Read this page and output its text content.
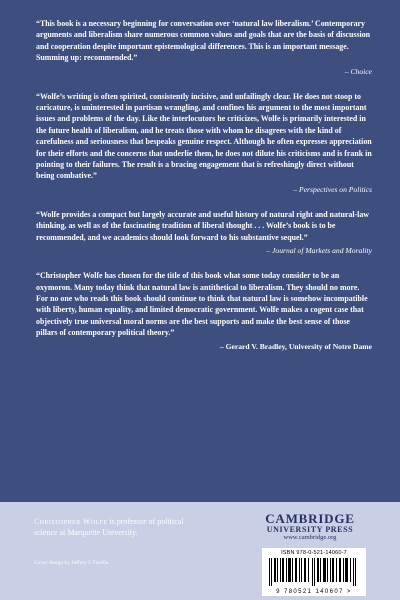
“This book is a necessary beginning for conversation over ‘natural law liberalism.’ Contemporary arguments and liberalism share numerous common values and goals that are the basis of discussion and cooperation despite important epistemological differences. This is an important message. Summing up: recommended.”

– Choice

“Wolfe’s writing is often spirited, consistently incisive, and unfailingly clear. He does not stoop to caricature, is uninterested in partisan wrangling, and confines his argument to the most important issues and problems of the day. Like the interlocutors he criticizes, Wolfe is primarily interested in the future health of liberalism, and he treats those with whom he disagrees with the kind of carefulness and seriousness that bespeaks genuine respect. Although he often expresses appreciation for their efforts and the concerns that underlie them, he does not dilute his criticisms and is frank in pointing to their failures. The result is a bracing engagement that is refreshingly direct without being combative.”

– Perspectives on Politics

“Wolfe provides a compact but largely accurate and useful history of natural right and natural-law thinking, as well as of the fascinating tradition of liberal thought . . . Wolfe’s book is to be recommended, and we academics should look forward to his substantive sequel.”

– Journal of Markets and Morality

“Christopher Wolfe has chosen for the title of this book what some today consider to be an oxymoron. Many today think that natural law is antithetical to liberalism. They should no more. For no one who reads this book should continue to think that natural law is somehow incompatible with liberty, human equality, and limited democratic government. Wolfe makes a cogent case that objectively true universal moral norms are the best supports and make the best sense of those pillars of contemporary political theory.”

– Gerard V. Bradley, University of Notre Dame

Christopher Wolfe is professor of political science at Marquette University.
Cover design by Jeffrey J. Faville.
CAMBRIDGE
UNIVERSITY PRESS
www.cambridge.org
ISBN 978-0-521-14060-7
9 780521 140607 >
